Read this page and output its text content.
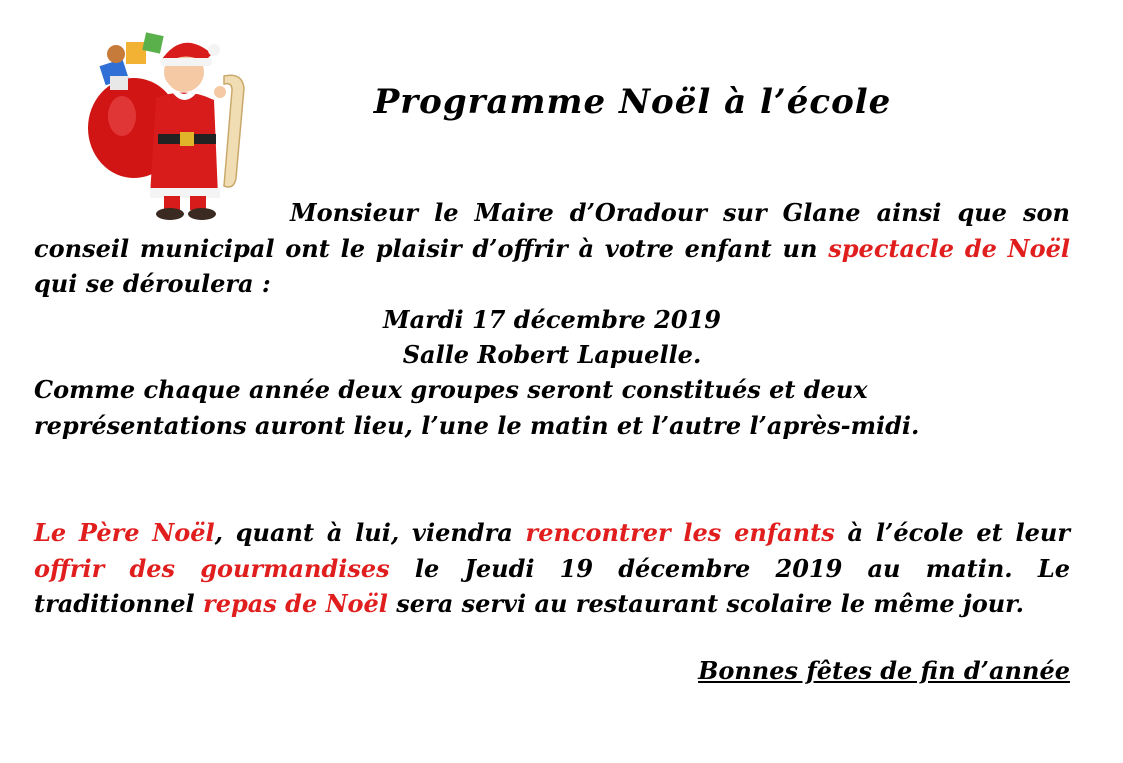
Programme Noël à l’école
Monsieur le Maire d’Oradour sur Glane ainsi que son conseil municipal ont le plaisir d’offrir à votre enfant un spectacle de Noël qui se déroulera :
Mardi 17 décembre 2019
Salle Robert Lapuelle.
Comme chaque année deux groupes seront constitués et deux représentations auront lieu, l’une le matin et l’autre l’après-midi.
Le Père Noël, quant à lui, viendra rencontrer les enfants à l’école et leur offrir des gourmandises le Jeudi 19 décembre 2019 au matin. Le traditionnel repas de Noël sera servi au restaurant scolaire le même jour.
Bonnes fêtes de fin d’année
